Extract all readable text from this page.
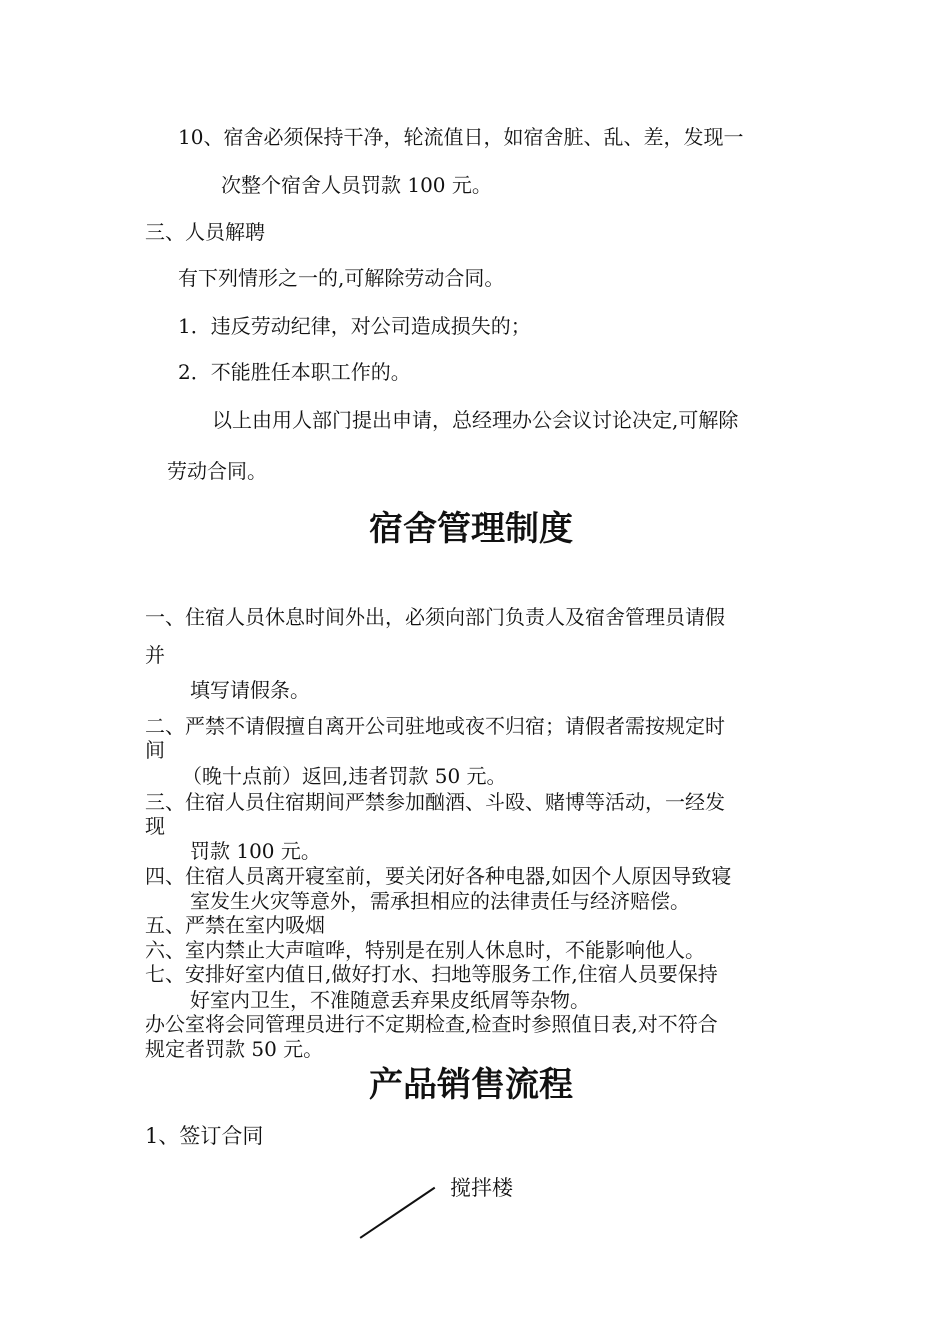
10、宿舍必须保持干净，轮流值日，如宿舍脏、乱、差，发现一
次整个宿舍人员罚款 100 元。
三、人员解聘
有下列情形之一的,可解除劳动合同。
1．违反劳动纪律，对公司造成损失的；
2．不能胜任本职工作的。
以上由用人部门提出申请，总经理办公会议讨论决定,可解除
劳动合同。
宿舍管理制度
一、住宿人员休息时间外出，必须向部门负责人及宿舍管理员请假
并
填写请假条。
二、严禁不请假擅自离开公司驻地或夜不归宿；请假者需按规定时
间
（晚十点前）返回,违者罚款 50 元。
三、住宿人员住宿期间严禁参加酗酒、斗殴、赌博等活动，一经发
现
罚款 100 元。
四、住宿人员离开寝室前，要关闭好各种电器,如因个人原因导致寝
室发生火灾等意外，需承担相应的法律责任与经济赔偿。
五、严禁在室内吸烟
六、室内禁止大声喧哗，特别是在别人休息时，不能影响他人。
七、安排好室内值日,做好打水、扫地等服务工作,住宿人员要保持
好室内卫生，不准随意丢弃果皮纸屑等杂物。
办公室将会同管理员进行不定期检查,检查时参照值日表,对不符合
规定者罚款 50 元。
产品销售流程
1、签订合同
搅拌楼
